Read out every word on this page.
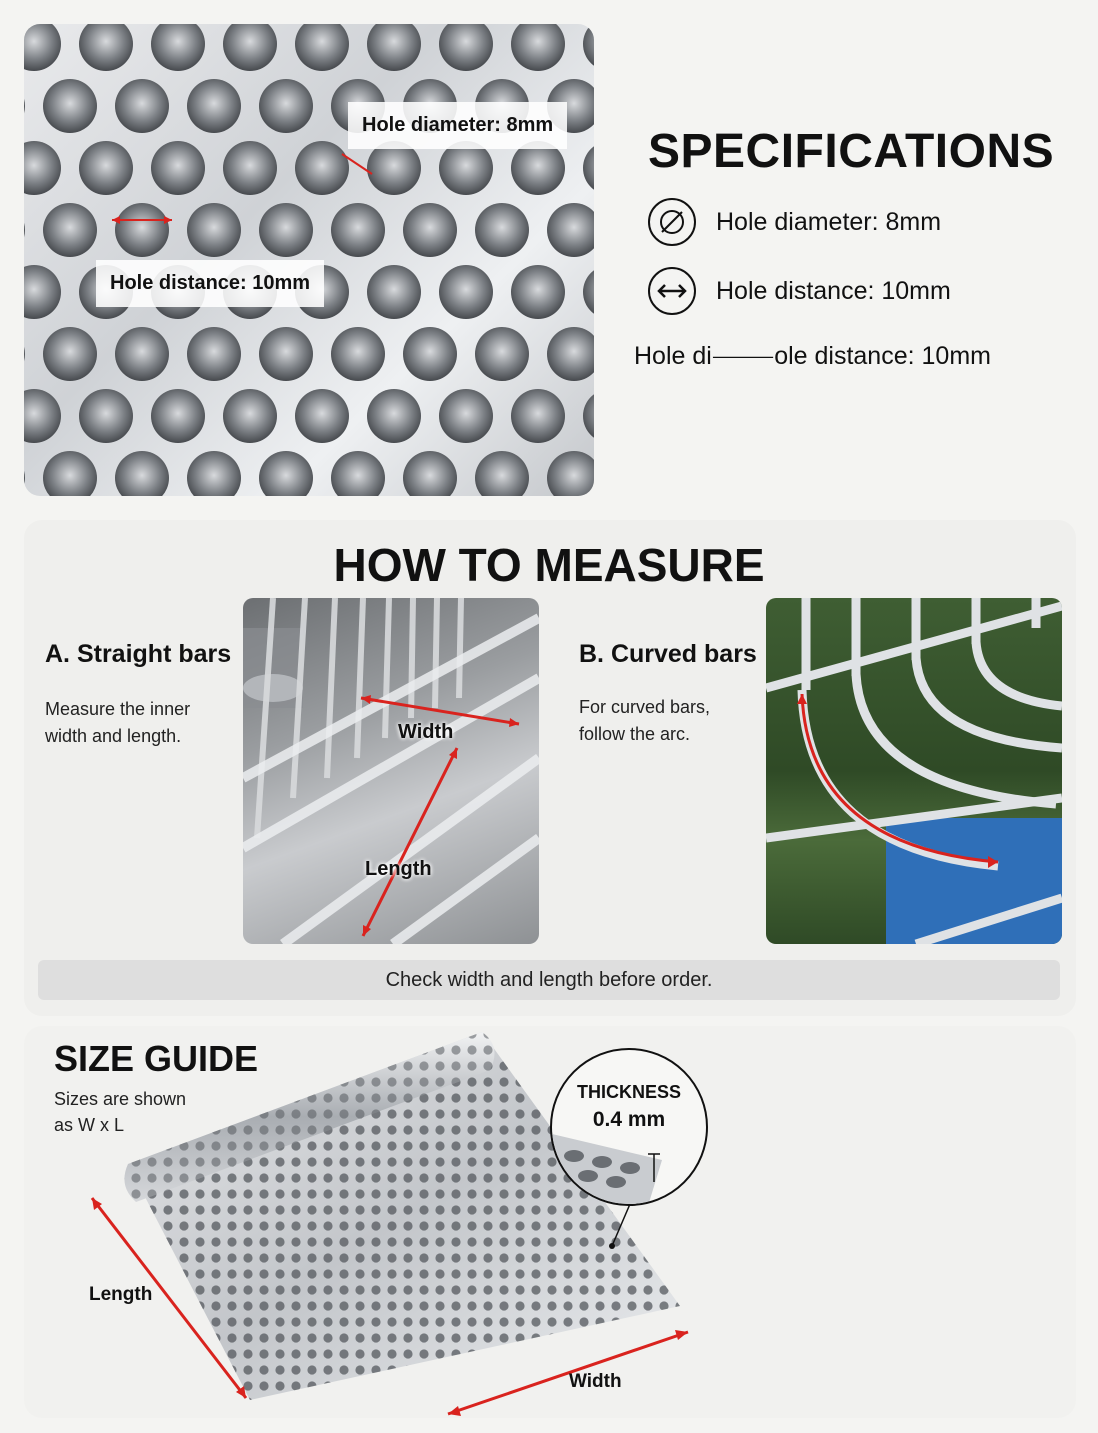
Hole diameter: 8mm
Hole distance: 10mm
SPECIFICATIONS
Hole diameter: 8mm
Hole distance: 10mm
Hole di⸻ole distance: 10mm
HOW TO MEASURE
A. Straight bars
Measure the inner
width and length.	Width
Length
B. Curved bars
For curved bars,
follow the arc.
Check width and length before order.
SIZE GUIDE
Sizes are shown
as W x L
Length
Width
THICKNESS
0.4 mm
